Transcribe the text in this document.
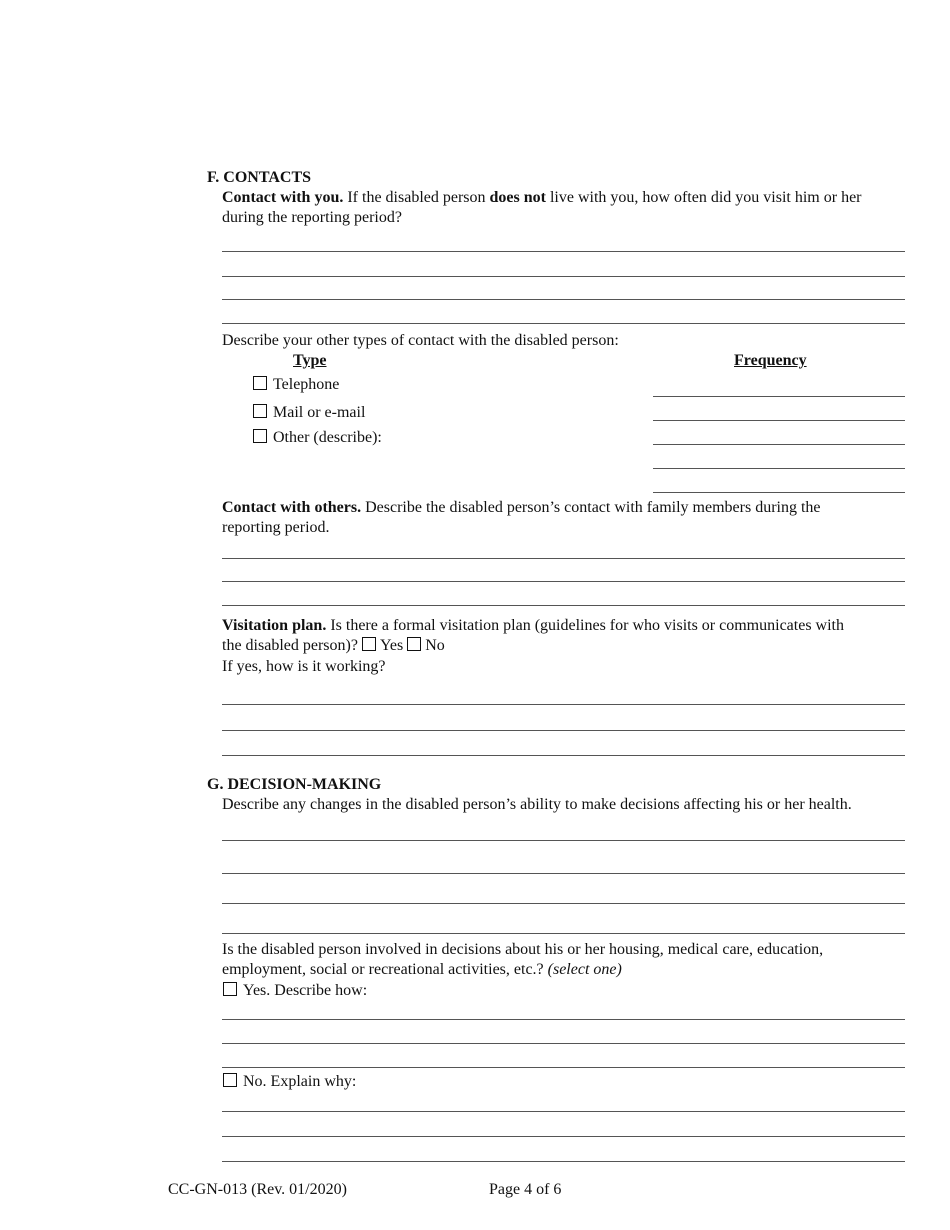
F. CONTACTS
Contact with you. If the disabled person does not live with you, how often did you visit him or her
during the reporting period?
Describe your other types of contact with the disabled person:
Type	Frequency
Telephone
Mail or e-mail
Other (describe):
Contact with others. Describe the disabled person’s contact with family members during the
reporting period.
Visitation plan. Is there a formal visitation plan (guidelines for who visits or communicates with
the disabled person)? Yes No
If yes, how is it working?
G. DECISION-MAKING
Describe any changes in the disabled person’s ability to make decisions affecting his or her health.
Is the disabled person involved in decisions about his or her housing, medical care, education,
employment, social or recreational activities, etc.? (select one)
Yes. Describe how:
No. Explain why:
CC-GN-013 (Rev. 01/2020)	Page 4 of 6
